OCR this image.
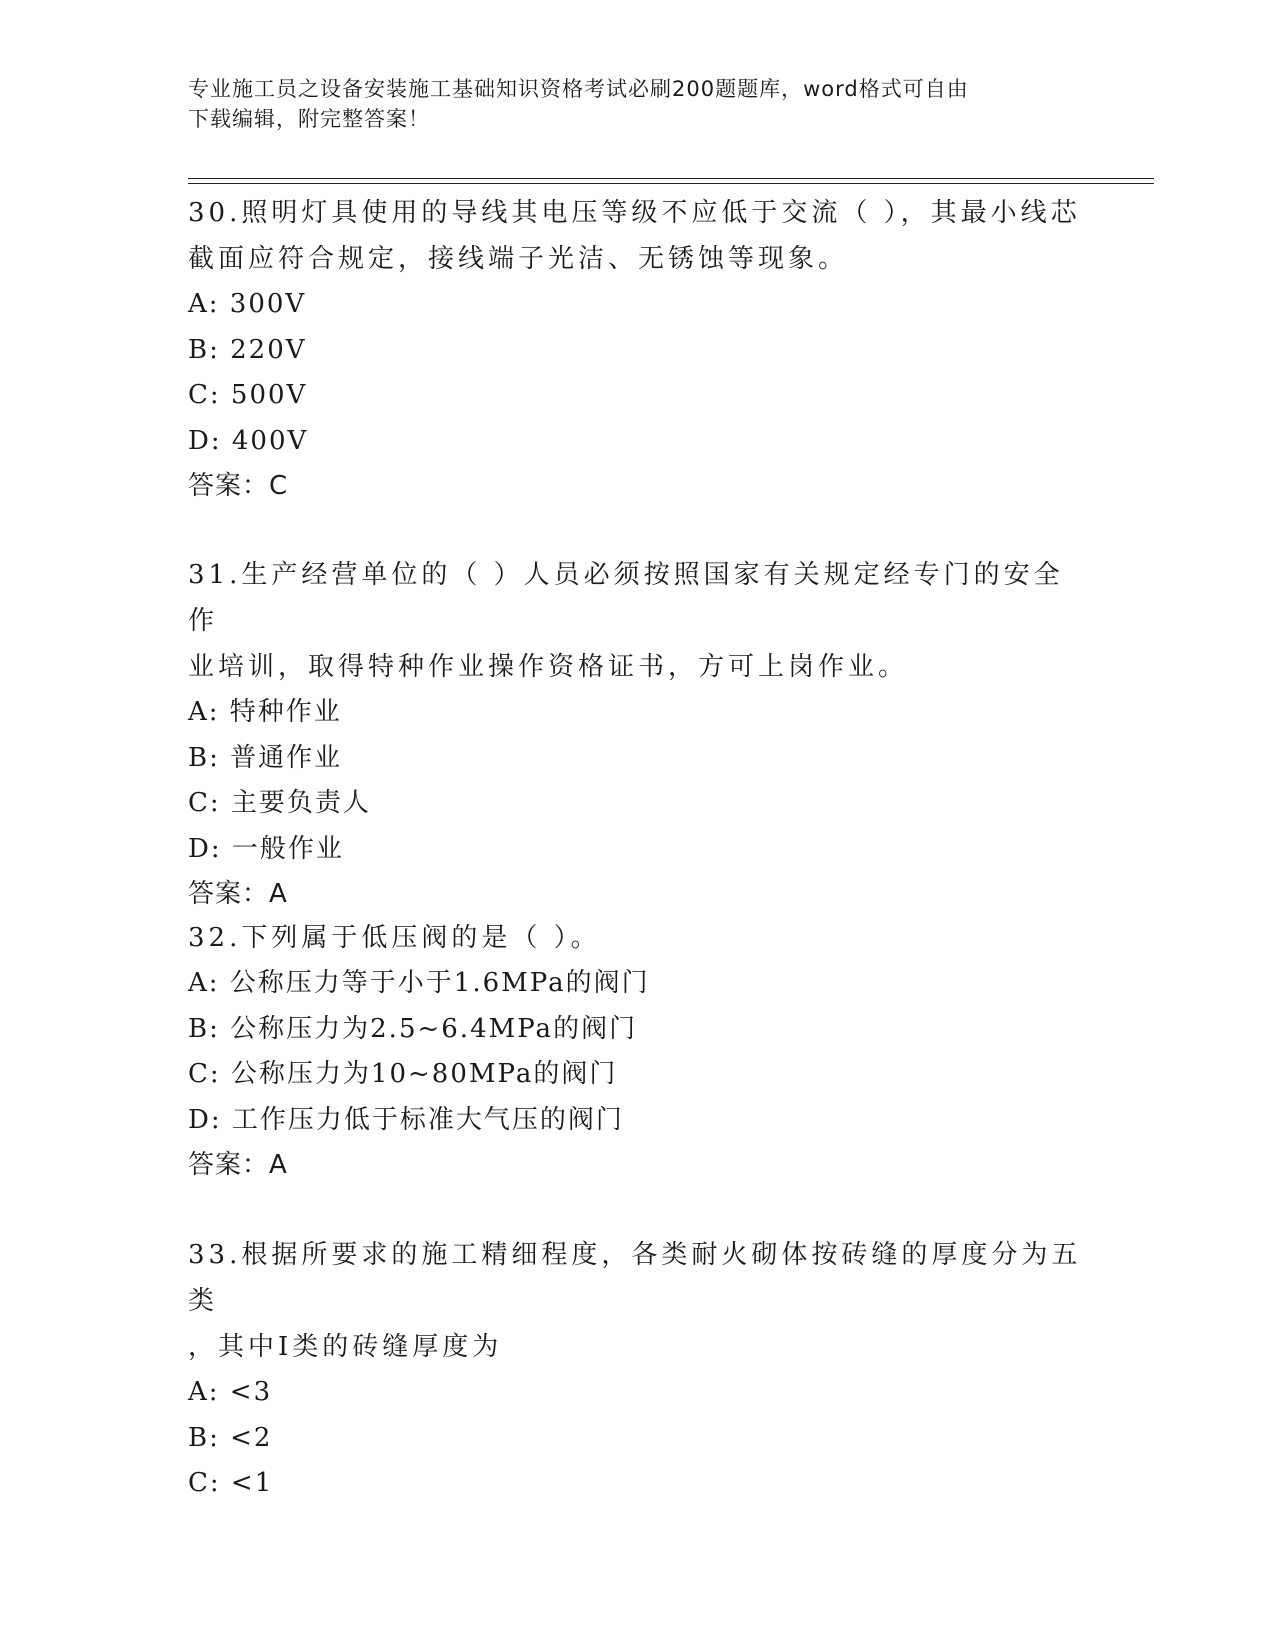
专业施工员之设备安装施工基础知识资格考试必刷200题题库，word格式可自由
下载编辑，附完整答案！
30.照明灯具使用的导线其电压等级不应低于交流（ ），其最小线芯
截面应符合规定，接线端子光洁、无锈蚀等现象。
A: 300V
B: 220V
C: 500V
D: 400V
答案：C
31.生产经营单位的（ ）人员必须按照国家有关规定经专门的安全作
业培训，取得特种作业操作资格证书，方可上岗作业。
A: 特种作业
B: 普通作业
C: 主要负责人
D: 一般作业
答案：A
32.下列属于低压阀的是（ ）。
A: 公称压力等于小于1.6MPa的阀门
B: 公称压力为2.5~6.4MPa的阀门
C: 公称压力为10~80MPa的阀门
D: 工作压力低于标准大气压的阀门
答案：A
33.根据所要求的施工精细程度，各类耐火砌体按砖缝的厚度分为五类
，其中Ⅰ类的砖缝厚度为
A: <3
B: <2
C: <1
